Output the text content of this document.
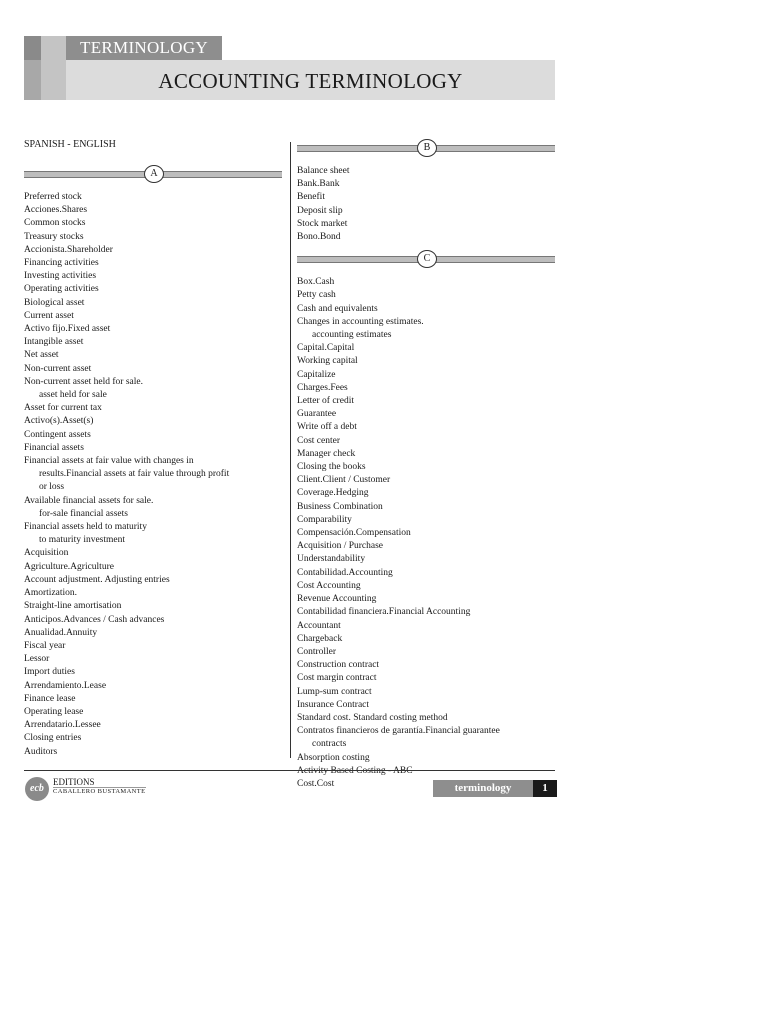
TERMINOLOGY
ACCOUNTING TERMINOLOGY
SPANISH - ENGLISH
A
Preferred stock
Acciones.Shares
Common stocks
Treasury stocks
Accionista.Shareholder
Financing activities
Investing activities
Operating activities
Biological asset
Current asset
Activo fijo.Fixed asset
Intangible asset
Net asset
Non-current asset
Non-current asset held for sale.
asset held for sale
Asset for current tax
Activo(s).Asset(s)
Contingent assets
Financial assets
Financial assets at fair value with changes in
results.Financial assets at fair value through profit
or loss
Available financial assets for sale.
for-sale financial assets
Financial assets held to maturity
to maturity investment
Acquisition
Agriculture.Agriculture
Account adjustment. Adjusting entries
Amortization.
Straight-line amortisation
Anticipos.Advances / Cash advances
Anualidad.Annuity
Fiscal year
Lessor
Import duties
Arrendamiento.Lease
Finance lease
Operating lease
Arrendatario.Lessee
Closing entries
Auditors
B
Balance sheet
Bank.Bank
Benefit
Deposit slip
Stock market
Bono.Bond
C
Box.Cash
Petty cash
Cash and equivalents
Changes in accounting estimates.
accounting estimates
Capital.Capital
Working capital
Capitalize
Charges.Fees
Letter of credit
Guarantee
Write off a debt
Cost center
Manager check
Closing the books
Client.Client / Customer
Coverage.Hedging
Business Combination
Comparability
Compensación.Compensation
Acquisition / Purchase
Understandability
Contabilidad.Accounting
Cost Accounting
Revenue Accounting
Contabilidad financiera.Financial Accounting
Accountant
Chargeback
Controller
Construction contract
Cost margin contract
Lump-sum contract
Insurance Contract
Standard cost. Standard costing method
Contratos financieros de garantía.Financial guarantee
contracts
Absorption costing
Cost.Cost
ecb
EDITIONS
CABALLERO BUSTAMANTE	terminology	1
